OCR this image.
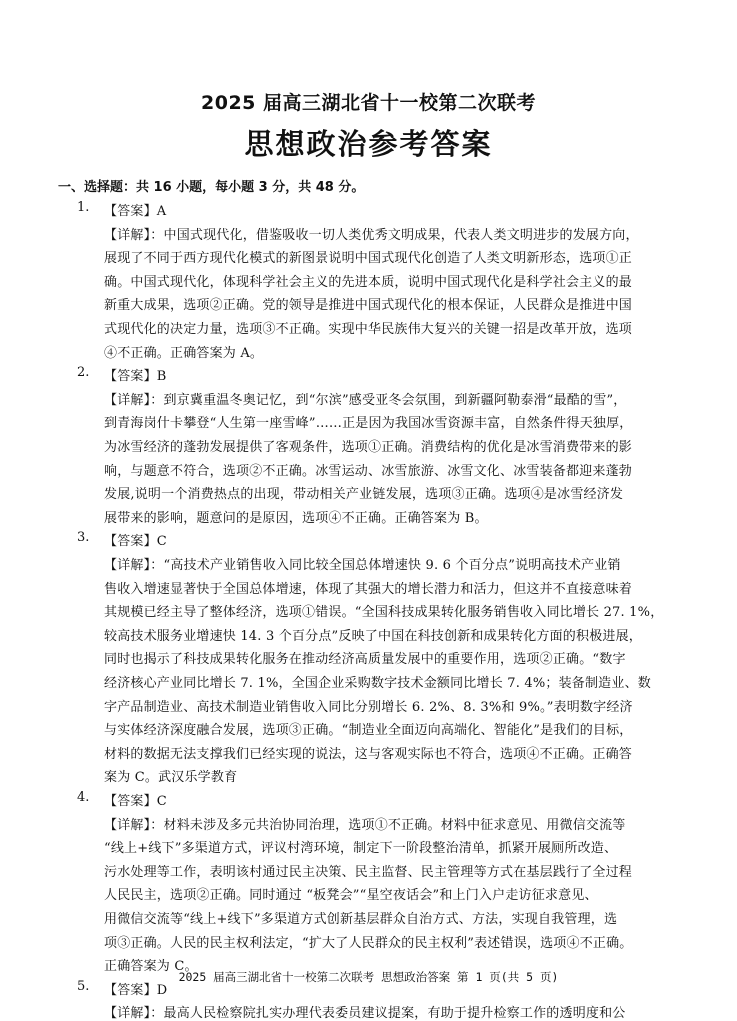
2025 届高三湖北省十一校第二次联考
思想政治参考答案
一、选择题：共 16 小题，每小题 3 分，共 48 分。
1. 【答案】A
【详解】：中国式现代化，借鉴吸收一切人类优秀文明成果，代表人类文明进步的发展方向，
展现了不同于西方现代化模式的新图景说明中国式现代化创造了人类文明新形态，选项①正
确。中国式现代化，体现科学社会主义的先进本质，说明中国式现代化是科学社会主义的最
新重大成果，选项②正确。党的领导是推进中国式现代化的根本保证，人民群众是推进中国
式现代化的决定力量，选项③不正确。实现中华民族伟大复兴的关键一招是改革开放，选项
④不正确。正确答案为 A。
2. 【答案】B
【详解】：到京冀重温冬奥记忆，到“尔滨”感受亚冬会氛围，到新疆阿勒泰滑“最酷的雪”，
到青海岗什卡攀登“人生第一座雪峰”……正是因为我国冰雪资源丰富，自然条件得天独厚，
为冰雪经济的蓬勃发展提供了客观条件，选项①正确。消费结构的优化是冰雪消费带来的影
响，与题意不符合，选项②不正确。冰雪运动、冰雪旅游、冰雪文化、冰雪装备都迎来蓬勃
发展,说明一个消费热点的出现，带动相关产业链发展，选项③正确。选项④是冰雪经济发
展带来的影响，题意问的是原因，选项④不正确。正确答案为 B。
3. 【答案】C
【详解】：“高技术产业销售收入同比较全国总体增速快 9. 6 个百分点”说明高技术产业销
售收入增速显著快于全国总体增速，体现了其强大的增长潜力和活力，但这并不直接意味着
其规模已经主导了整体经济，选项①错误。“全国科技成果转化服务销售收入同比增长 27. 1%，
较高技术服务业增速快 14. 3 个百分点”反映了中国在科技创新和成果转化方面的积极进展，
同时也揭示了科技成果转化服务在推动经济高质量发展中的重要作用，选项②正确。“数字
经济核心产业同比增长 7. 1%，全国企业采购数字技术金额同比增长 7. 4%；装备制造业、数
字产品制造业、高技术制造业销售收入同比分别增长 6. 2%、8. 3%和 9%。”表明数字经济
与实体经济深度融合发展，选项③正确。“制造业全面迈向高端化、智能化”是我们的目标，
材料的数据无法支撑我们已经实现的说法，这与客观实际也不符合，选项④不正确。正确答
案为 C。武汉乐学教育
4. 【答案】C
【详解】：材料未涉及多元共治协同治理，选项①不正确。材料中征求意见、用微信交流等
“线上+线下”多渠道方式，评议村湾环境，制定下一阶段整治清单，抓紧开展厕所改造、
污水处理等工作，表明该村通过民主决策、民主监督、民主管理等方式在基层践行了全过程
人民民主，选项②正确。同时通过 “板凳会”“星空夜话会”和上门入户走访征求意见、
用微信交流等“线上+线下”多渠道方式创新基层群众自治方式、方法，实现自我管理，选
项③正确。人民的民主权利法定，“扩大了人民群众的民主权利”表述错误，选项④不正确。
正确答案为 C。
5. 【答案】D
【详解】：最高人民检察院扎实办理代表委员建议提案，有助于提升检察工作的透明度和公
2025 届高三湖北省十一校第二次联考 思想政治答案 第 1 页(共 5 页)
